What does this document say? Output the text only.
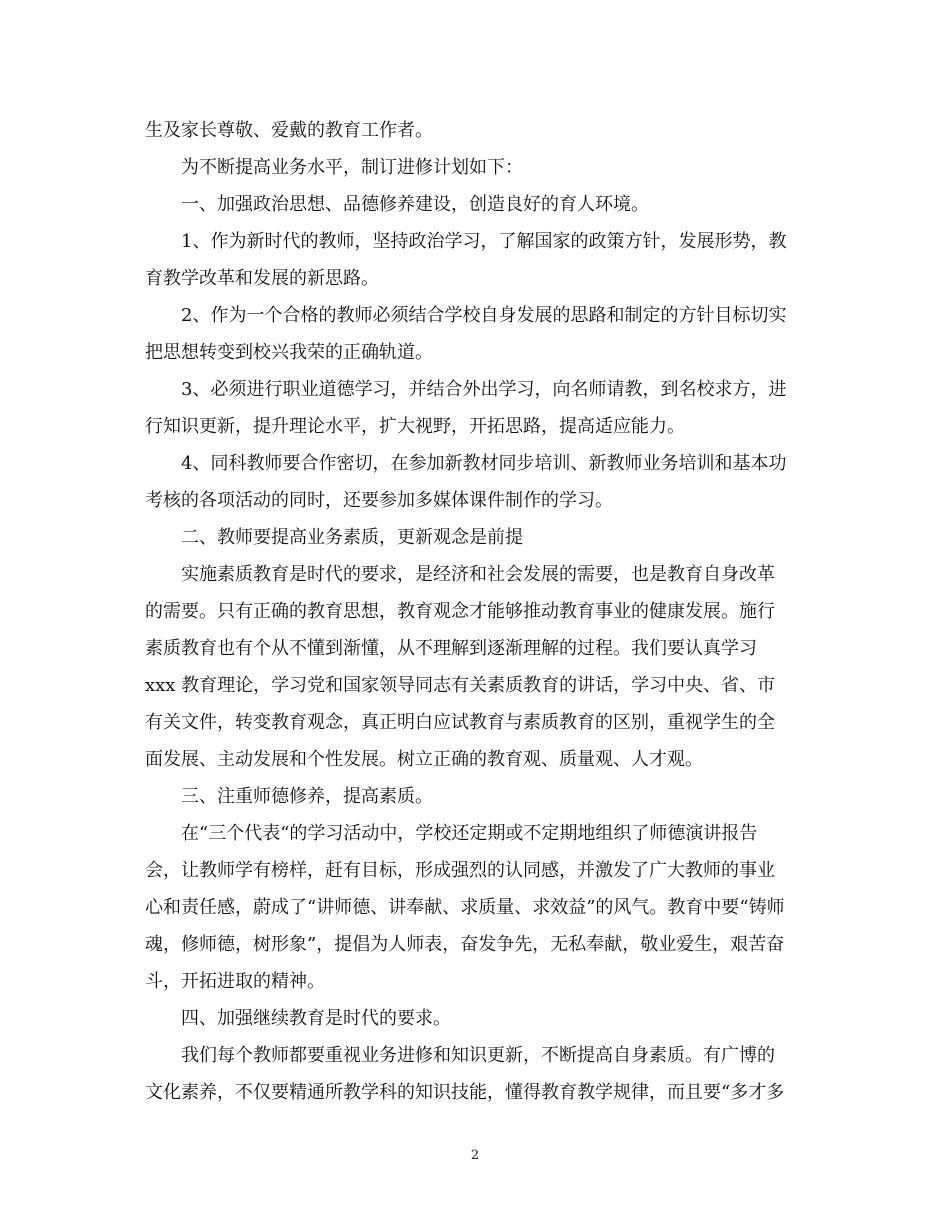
生及家长尊敬、爱戴的教育工作者。
为不断提高业务水平，制订进修计划如下：
一、加强政治思想、品德修养建设，创造良好的育人环境。
1、作为新时代的教师，坚持政治学习，了解国家的政策方针，发展形势，教
育教学改革和发展的新思路。
2、作为一个合格的教师必须结合学校自身发展的思路和制定的方针目标切实
把思想转变到校兴我荣的正确轨道。
3、必须进行职业道德学习，并结合外出学习，向名师请教，到名校求方，进
行知识更新，提升理论水平，扩大视野，开拓思路，提高适应能力。
4、同科教师要合作密切，在参加新教材同步培训、新教师业务培训和基本功
考核的各项活动的同时，还要参加多媒体课件制作的学习。
二、教师要提高业务素质，更新观念是前提
实施素质教育是时代的要求，是经济和社会发展的需要，也是教育自身改革
的需要。只有正确的教育思想，教育观念才能够推动教育事业的健康发展。施行
素质教育也有个从不懂到渐懂，从不理解到逐渐理解的过程。我们要认真学习
xxx 教育理论，学习党和国家领导同志有关素质教育的讲话，学习中央、省、市
有关文件，转变教育观念，真正明白应试教育与素质教育的区别，重视学生的全
面发展、主动发展和个性发展。树立正确的教育观、质量观、人才观。
三、注重师德修养，提高素质。
在“三个代表“的学习活动中，学校还定期或不定期地组织了师德演讲报告
会，让教师学有榜样，赶有目标，形成强烈的认同感，并激发了广大教师的事业
心和责任感，蔚成了“讲师德、讲奉献、求质量、求效益”的风气。教育中要“铸师
魂，修师德，树形象”，提倡为人师表，奋发争先，无私奉献，敬业爱生，艰苦奋
斗，开拓进取的精神。
四、加强继续教育是时代的要求。
我们每个教师都要重视业务进修和知识更新，不断提高自身素质。有广博的
文化素养，不仅要精通所教学科的知识技能，懂得教育教学规律，而且要“多才多
2
